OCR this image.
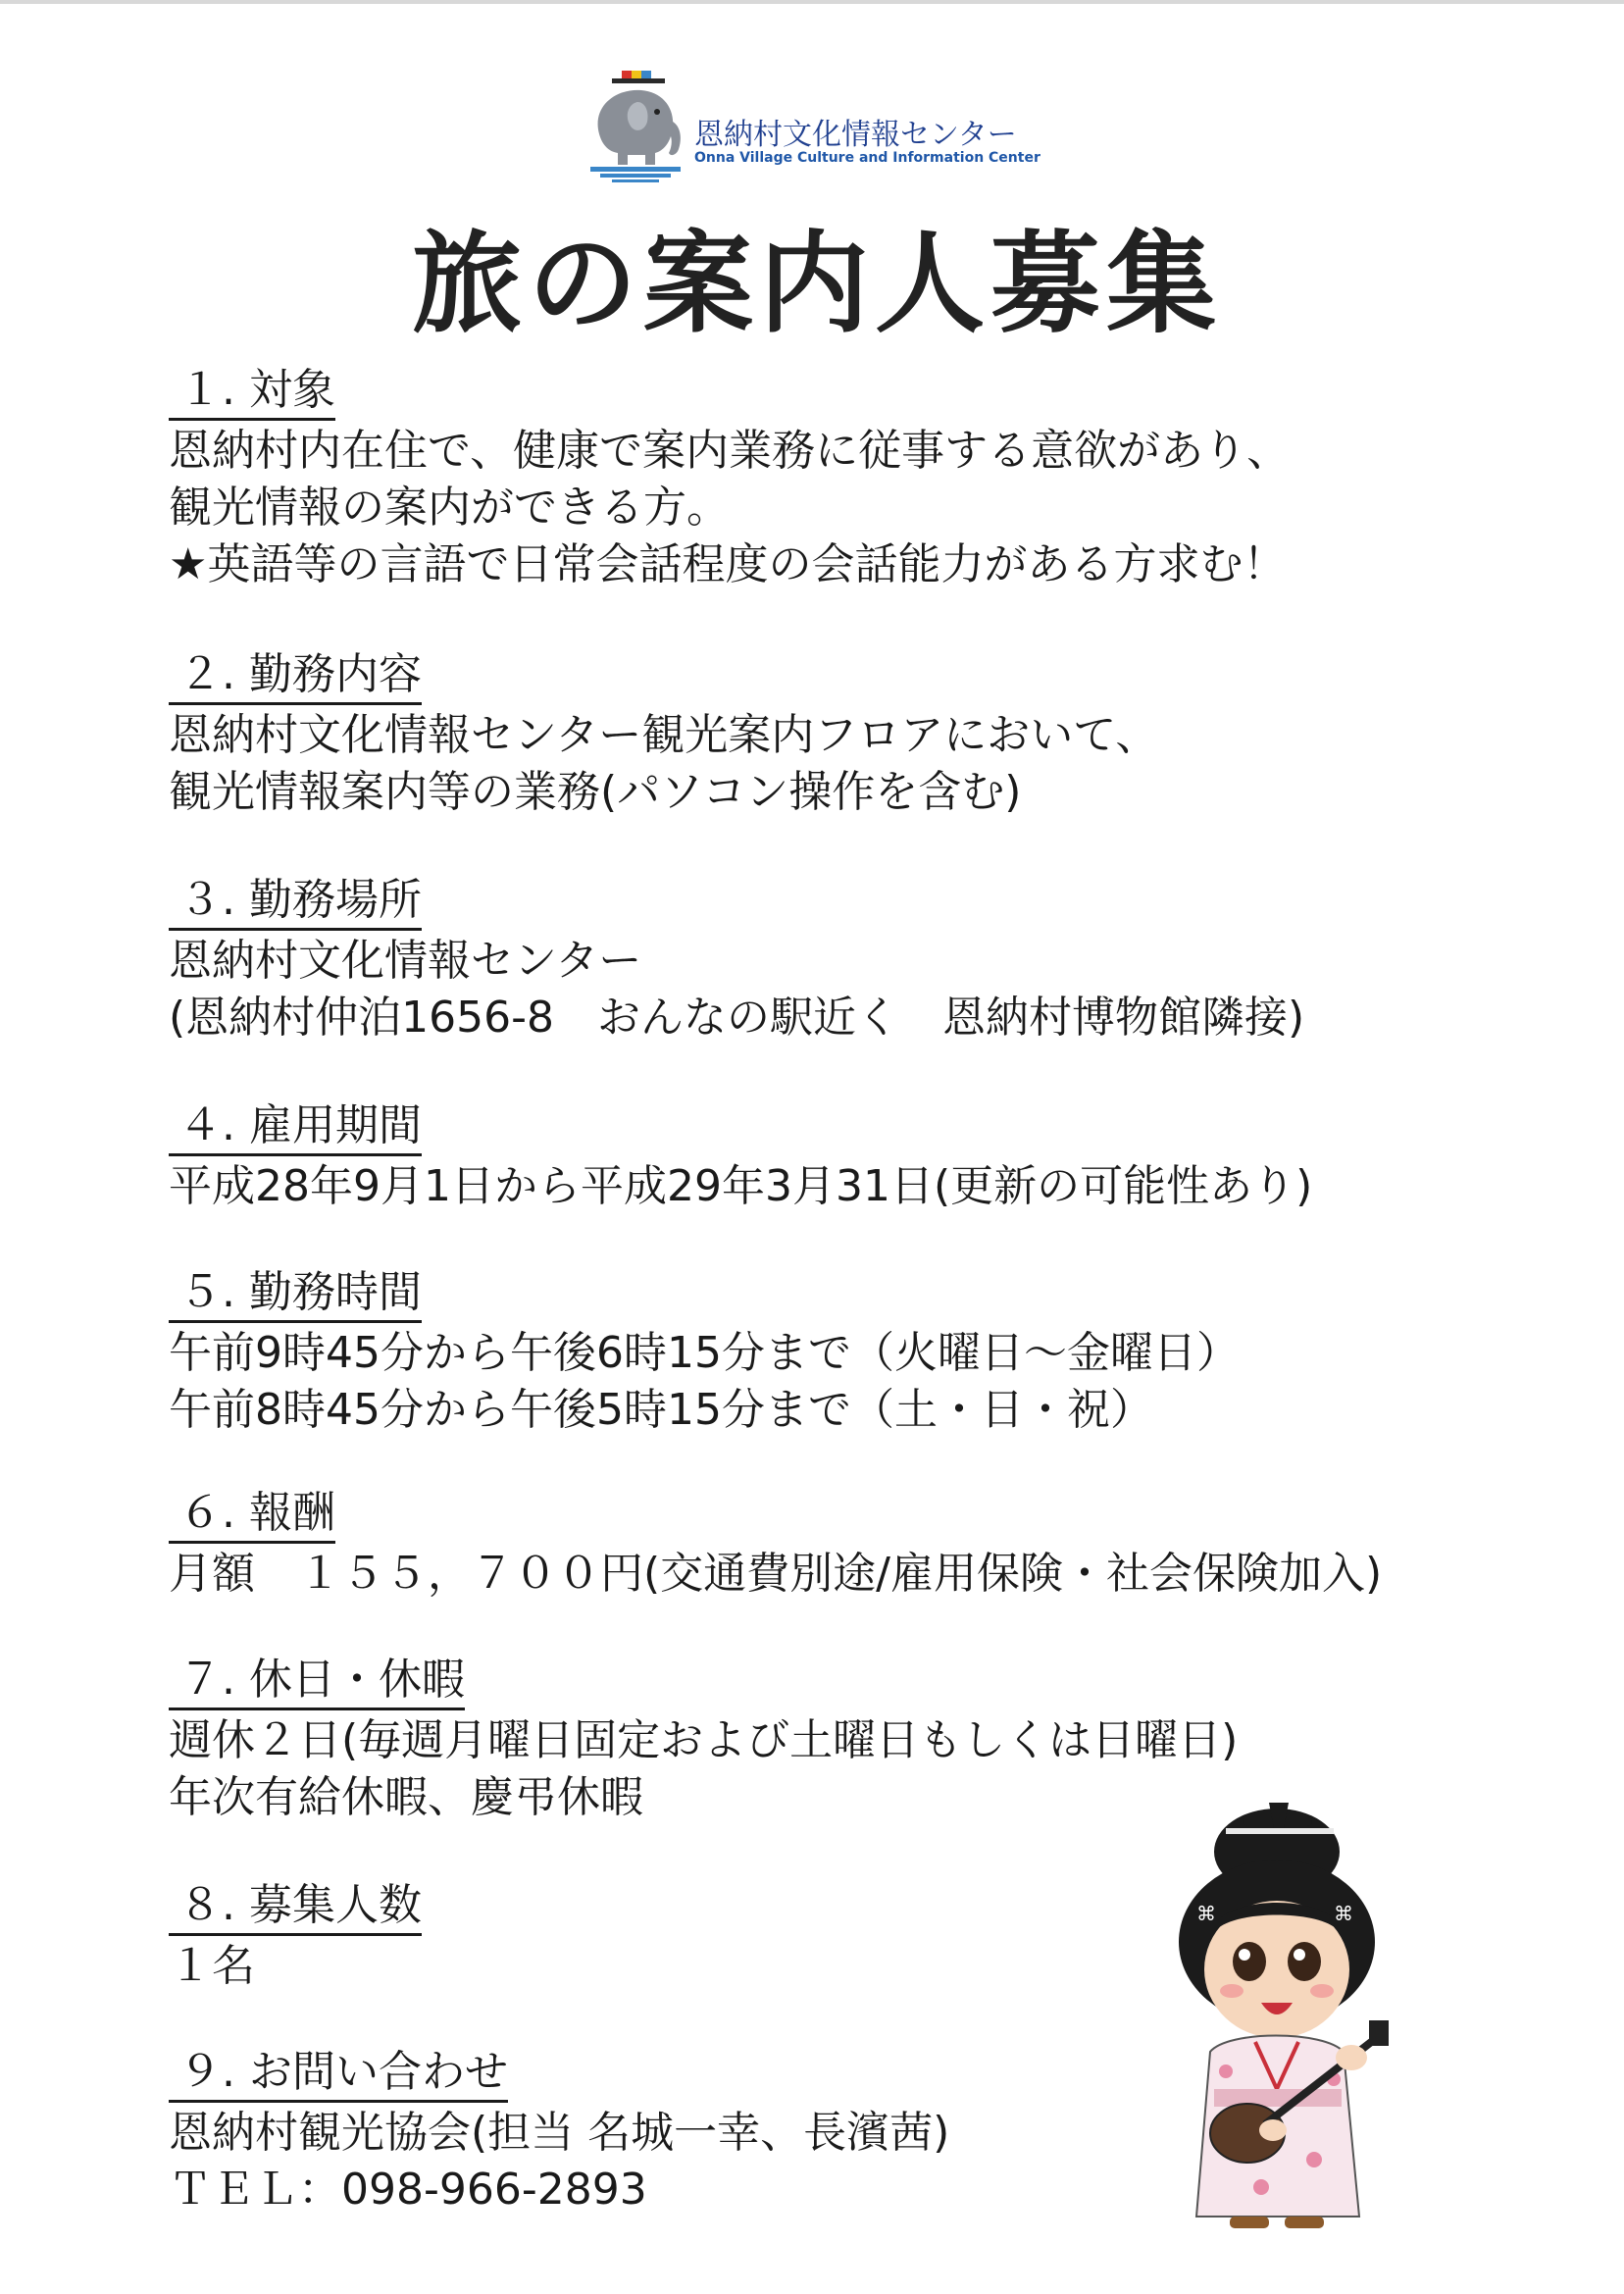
恩納村文化情報センター
Onna Village Culture and Information Center
旅の案内人募集
１. 対象
恩納村内在住で、健康で案内業務に従事する意欲があり、
観光情報の案内ができる方。
★英語等の言語で日常会話程度の会話能力がある方求む！
２. 勤務内容
恩納村文化情報センター観光案内フロアにおいて、
観光情報案内等の業務(パソコン操作を含む)
３. 勤務場所
恩納村文化情報センター
(恩納村仲泊1656-8　おんなの駅近く　恩納村博物館隣接)
４. 雇用期間
平成28年9月1日から平成29年3月31日(更新の可能性あり)
５. 勤務時間
午前9時45分から午後6時15分まで（火曜日～金曜日）
午前8時45分から午後5時15分まで（土・日・祝）
６. 報酬
月額　１５５，７００円(交通費別途/雇用保険・社会保険加入)
７. 休日・休暇
週休２日(毎週月曜日固定および土曜日もしくは日曜日)
年次有給休暇、慶弔休暇
８. 募集人数
１名
９. お問い合わせ
恩納村観光協会(担当 名城一幸、長濱茜)
ＴＥＬ：098-966-2893
⌘	⌘
